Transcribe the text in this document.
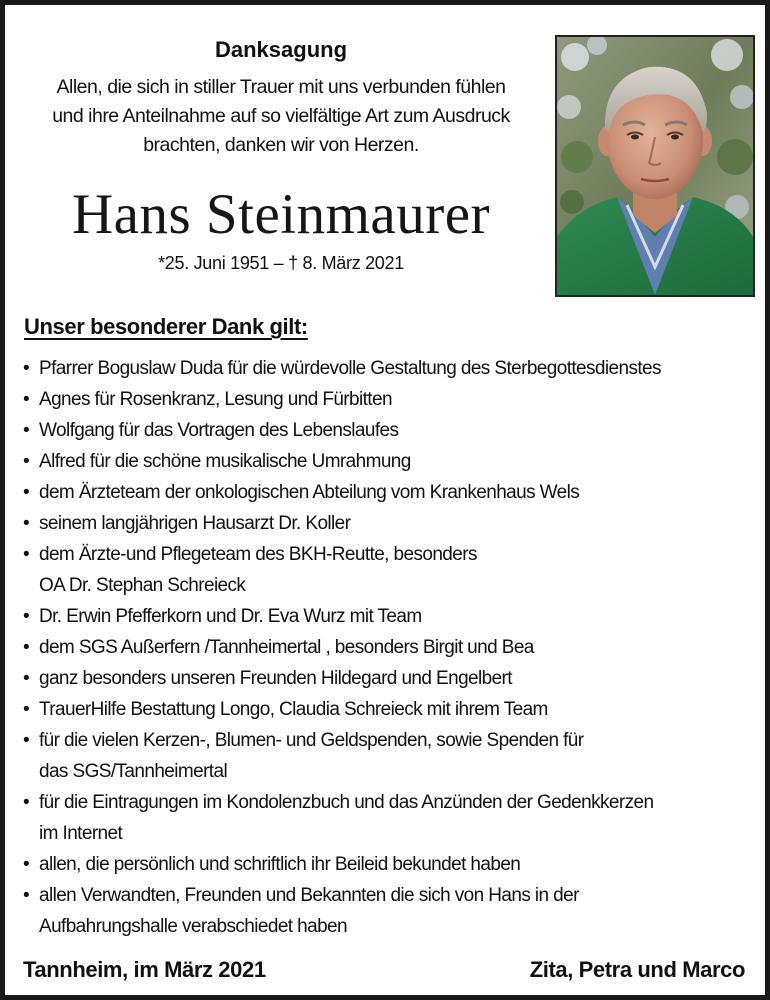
Danksagung
Allen, die sich in stiller Trauer mit uns verbunden fühlen
und ihre Anteilnahme auf so vielfältige Art zum Ausdruck
brachten, danken wir von Herzen.
Hans Steinmaurer
*25. Juni 1951 – † 8. März 2021
Unser besonderer Dank gilt:
• Pfarrer Boguslaw Duda für die würdevolle Gestaltung des Sterbegottesdienstes
• Agnes für Rosenkranz, Lesung und Fürbitten
• Wolfgang für das Vortragen des Lebenslaufes
• Alfred für die schöne musikalische Umrahmung
• dem Ärzteteam der onkologischen Abteilung vom Krankenhaus Wels
• seinem langjährigen Hausarzt Dr. Koller
• dem Ärzte-und Pflegeteam des BKH-Reutte, besonders
OA Dr. Stephan Schreieck
• Dr. Erwin Pfefferkorn und Dr. Eva Wurz mit Team
• dem SGS Außerfern /Tannheimertal , besonders Birgit und Bea
• ganz besonders unseren Freunden Hildegard und Engelbert
• TrauerHilfe Bestattung Longo, Claudia Schreieck mit ihrem Team
• für die vielen Kerzen-, Blumen- und Geldspenden, sowie Spenden für
das SGS/Tannheimertal
• für die Eintragungen im Kondolenzbuch und das Anzünden der Gedenkkerzen
im Internet
• allen, die persönlich und schriftlich ihr Beileid bekundet haben
• allen Verwandten, Freunden und Bekannten die sich von Hans in der
Aufbahrungshalle verabschiedet haben
Tannheim, im März 2021	Zita, Petra und Marco
